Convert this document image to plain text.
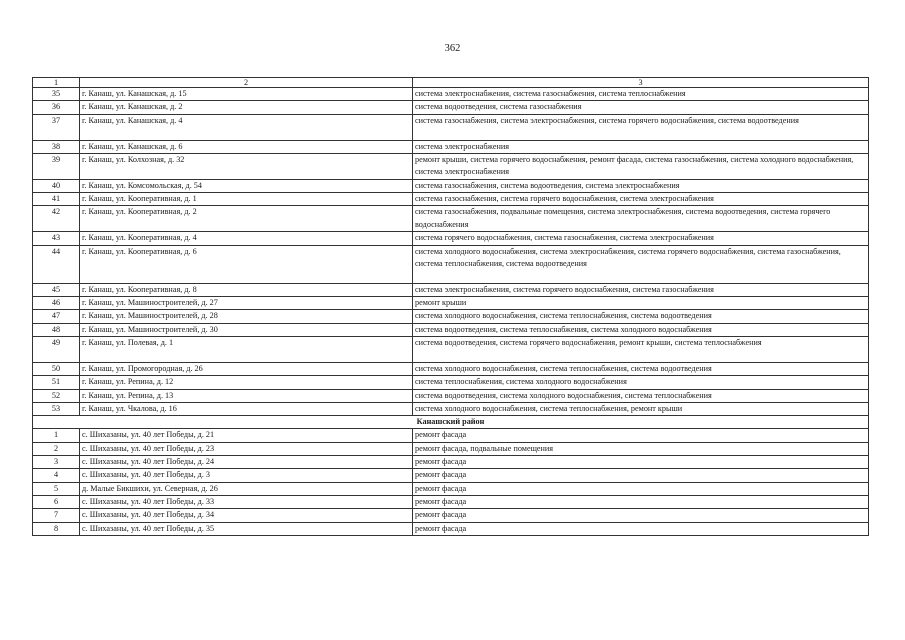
362
1	2	3
35	г. Канаш, ул. Канашская, д. 15	система электроснабжения, система газоснабжения, система теплоснабжения
36	г. Канаш, ул. Канашская, д. 2	система водоотведения, система газоснабжения
37	г. Канаш, ул. Канашская, д. 4	система газоснабжения, система электроснабжения, система горячего водоснабжения, система водоотведения
38	г. Канаш, ул. Канашская, д. 6	система электроснабжения
39	г. Канаш, ул. Колхозная, д. 32	ремонт крыши, система горячего водоснабжения, ремонт фасада, система газоснабжения, система холодного водоснабжения, система электроснабжения
40	г. Канаш, ул. Комсомольская, д. 54	система газоснабжения, система водоотведения, система электроснабжения
41	г. Канаш, ул. Кооперативная, д. 1	система газоснабжения, система горячего водоснабжения, система электроснабжения
42	г. Канаш, ул. Кооперативная, д. 2	система газоснабжения, подвальные помещения, система электроснабжения, система водоотведения, система горячего водоснабжения
43	г. Канаш, ул. Кооперативная, д. 4	система горячего водоснабжения, система газоснабжения, система электроснабжения
44	г. Канаш, ул. Кооперативная, д. 6	система холодного водоснабжения, система электроснабжения, система горячего водоснабжения, система газоснабжения, система теплоснабжения, система водоотведения
45	г. Канаш, ул. Кооперативная, д. 8	система электроснабжения, система горячего водоснабжения, система газоснабжения
46	г. Канаш, ул. Машиностроителей, д. 27	ремонт крыши
47	г. Канаш, ул. Машиностроителей, д. 28	система холодного водоснабжения, система теплоснабжения, система водоотведения
48	г. Канаш, ул. Машиностроителей, д. 30	система водоотведения, система теплоснабжения, система холодного водоснабжения
49	г. Канаш, ул. Полевая, д. 1	система водоотведения, система горячего водоснабжения, ремонт крыши, система теплоснабжения
50	г. Канаш, ул. Промогородная, д. 26	система холодного водоснабжения, система теплоснабжения, система водоотведения
51	г. Канаш, ул. Репина, д. 12	система теплоснабжения, система холодного водоснабжения
52	г. Канаш, ул. Репина, д. 13	система водоотведения, система холодного водоснабжения, система теплоснабжения
53	г. Канаш, ул. Чкалова, д. 16	система холодного водоснабжения, система теплоснабжения, ремонт крыши
Канашский район		
1	с. Шихазаны, ул. 40 лет Победы, д. 21	ремонт фасада
2	с. Шихазаны, ул. 40 лет Победы, д. 23	ремонт фасада, подвальные помещения
3	с. Шихазаны, ул. 40 лет Победы, д. 24	ремонт фасада
4	с. Шихазаны, ул. 40 лет Победы, д. 3	ремонт фасада
5	д. Малые Бикшихи, ул. Северная, д. 26	ремонт фасада
6	с. Шихазаны, ул. 40 лет Победы, д. 33	ремонт фасада
7	с. Шихазаны, ул. 40 лет Победы, д. 34	ремонт фасада
8	с. Шихазаны, ул. 40 лет Победы, д. 35	ремонт фасада
